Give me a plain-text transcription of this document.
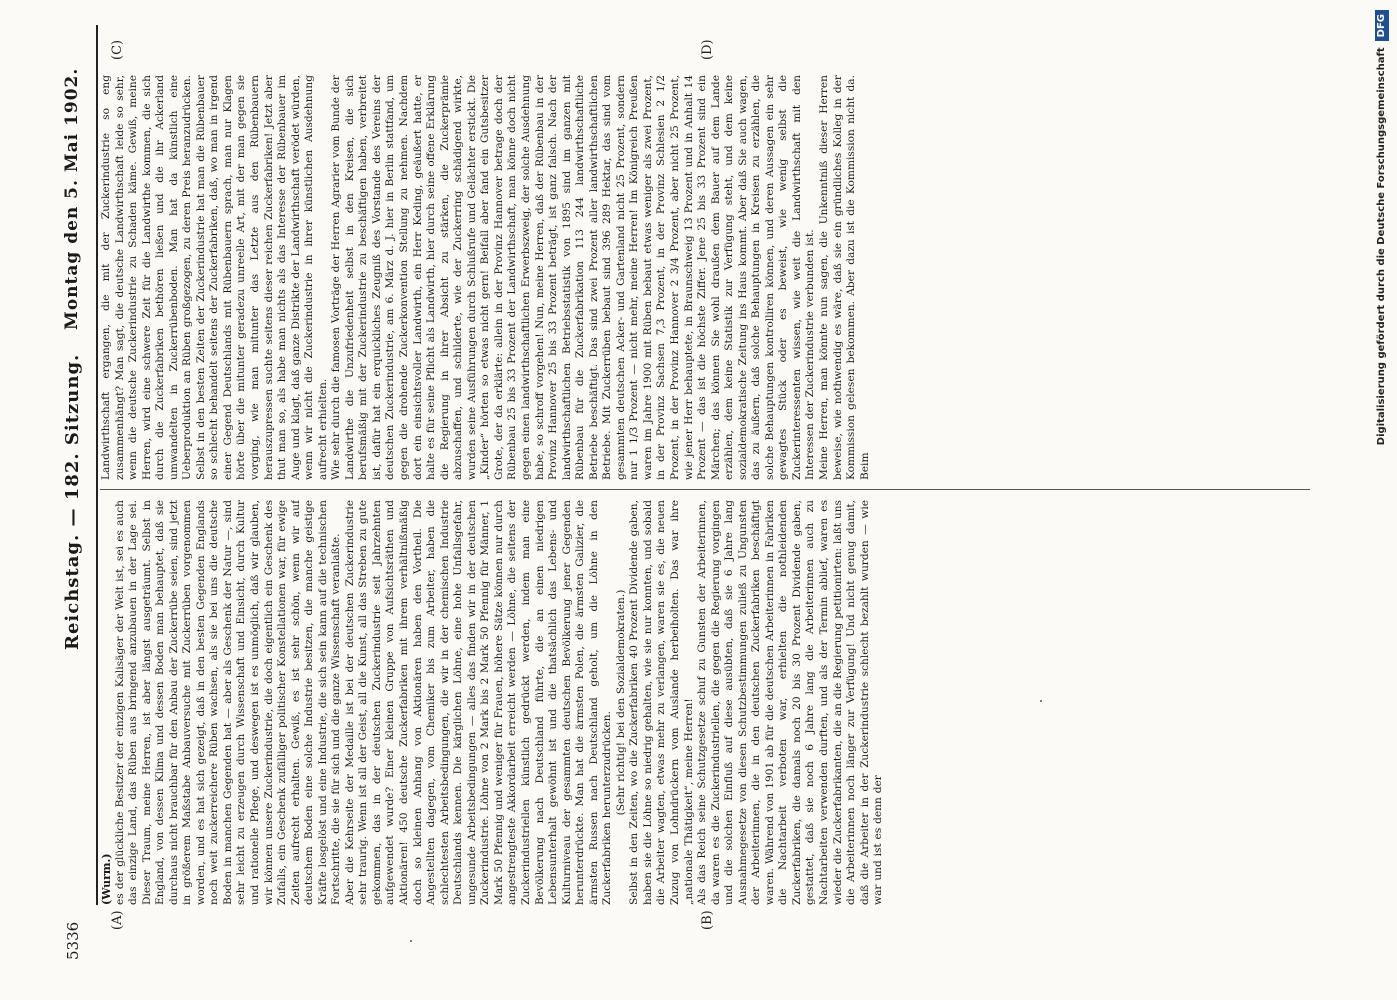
5336
Reichstag. — 182. Sitzung.
Montag den 5. Mai 1902.
(A)	(B)
(C)	(D)

(Wurm.) es der glückliche Besitzer der einzigen Kalisäger der Welt ist, sei es auch das einzige Land, das Rüben aus bringend anzubauen in der Lage sei. Dieser Traum, meine Herren, ist aber längst ausgeträumt. Selbst in England, von dessen Klima und dessen Boden man behauptet, daß sie durchaus nicht brauchbar für den Anbau der Zuckerrübe seien, sind jetzt in größerem Maßstabe Anbauversuche mit Zuckerrüben vorgenommen worden, und es hat sich gezeigt, daß in den besten Gegenden Englands noch weit zuckerreichere Rüben wachsen, als sie bei uns die deutsche Boden in manchen Gegenden hat — aber als Geschenk der Natur —, sind sehr leicht zu erzeugen durch Wissenschaft und Einsicht, durch Kultur und rationelle Pflege, und deswegen ist es unmöglich, daß wir glauben, wir können unsere Zuckerindustrie, die doch eigentlich ein Geschenk des Zufalls, ein Geschenk zufälliger politischer Konstellationen war, für ewige Zeiten aufrecht erhalten. Gewiß, es ist sehr schön, wenn wir auf deutschem Boden eine solche Industrie besitzen, die manche geistige Kräfte losgelöst und eine Industrie, die sich sein kann auf die technischen Fortschritte, die sie für sich und die ganze Wissenschaft veranlaßte. Aber die Kehrseite der Medaille ist bei der deutschen Zuckerindustrie sehr traurig. Wenn ist all der Geist, all die Kunst, all das Streben zu gute gekommen, das in der deutschen Zuckerindustrie seit Jahrzehnten aufgewendet wurde? Einer kleinen Gruppe von Aufsichtsräthen und Aktionären! 450 deutsche Zuckerfabriken mit ihrem verhältnißmäßig doch so kleinen Anhang von Aktionären haben den Vortheil. Die Angestellten dagegen, vom Chemiker bis zum Arbeiter, haben die schlechtesten Arbeitsbedingungen, die wir in der chemischen Industrie Deutschlands kennen. Die kärglichen Löhne, eine hohe Unfallsgefahr, ungesunde Arbeitsbedingungen — alles das finden wir in der deutschen Zuckerindustrie. Löhne von 2 Mark bis 2 Mark 50 Pfennig für Männer, 1 Mark 50 Pfennig und weniger für Frauen, höhere Sätze können nur durch angestrengteste Akkordarbeit erreicht werden — Löhne, die seitens der Zuckerindustriellen künstlich gedrückt werden, indem man eine Bevölkerung nach Deutschland führte, die an einen niedrigen Lebensunterhalt gewöhnt ist und die thatsächlich das Lebens- und Kulturniveau der gesammten deutschen Bevölkerung jener Gegenden herunterdrückte. Man hat die ärmsten Polen, die ärmsten Galizier, die ärmsten Russen nach Deutschland geholt, um die Löhne in den Zuckerfabriken herunterzudrücken. (Sehr richtig! bei den Sozialdemokraten.) Selbst in den Zeiten, wo die Zuckerfabriken 40 Prozent Dividende gaben, haben sie die Löhne so niedrig gehalten, wie sie nur konnten, und sobald die Arbeiter wagten, etwas mehr zu verlangen, waren sie es, die neuen Zuzug von Lohndrückern vom Auslande herbeiholten. Das war ihre „nationale Thätigkeit“, meine Herren! Als das Reich seine Schutzgesetze schuf zu Gunsten der Arbeiterinnen, da waren es die Zuckerindustriellen, die gegen die Regierung vorgingen und die solchen Einfluß auf diese ausübten, daß sie 6 Jahre lang Ausnahmegesetze von diesen Schutzbestimmungen zuließ zu Ungunsten der Arbeiterinnen, die in den deutschen Zuckerfabriken beschäftigt waren. Während von 1901 ab für die deutschen Arbeiterinnen in Fabriken die Nachtarbeit verboten war, erhielten die nothleidenden Zuckerfabriken, die damals noch 20 bis 30 Prozent Dividende gaben, gestattet, daß sie noch 6 Jahre lang die Arbeiterinnen auch zu Nachtarbeiten verwenden durften, und als der Termin ablief, waren es wieder die Zuckerfabrikanten, die an die Regierung petitionirten: laßt uns die Arbeiterinnen noch länger zur Verfügung! Und nicht genug damit, daß die Arbeiter in der Zuckerindustrie schlecht bezahlt wurden — wie war und ist es denn der

Landwirthschaft ergangen, die mit der Zuckerindustrie so eng zusammenhängt? Man sagt, die deutsche Landwirthschaft leide so sehr, wenn die deutsche Zuckerindustrie zu Schaden käme. Gewiß, meine Herren, wird eine schwere Zeit für die Landwirthe kommen, die sich durch die Zuckerfabriken bethören ließen und die ihr Ackerland umwandelten in Zuckerrübenboden. Man hat da künstlich eine Ueberproduktion an Rüben großgezogen, zu deren Preis heranzudrücken. Selbst in den besten Zeiten der Zuckerindustrie hat man die Rübenbauer so schlecht behandelt seitens der Zuckerfabriken, daß, wo man in irgend einer Gegend Deutschlands mit Rübenbauern sprach, man nur Klagen hörte über die mitunter geradezu unreelle Art, mit der man gegen sie vorging, wie man mitunter das Letzte aus den Rübenbauern herauszupressen suchte seitens dieser reichen Zuckerfabriken! Jetzt aber thut man so, als habe man nichts als das Interesse der Rübenbauer im Auge und klagt, daß ganze Distrikte der Landwirthschaft verödet würden, wenn wir nicht die Zuckerindustrie in ihrer künstlichen Ausdehnung aufrecht erhielten. Wie sehr durch die famosen Vorträge der Herren Agrarier vom Bunde der Landwirthe die Unzufriedenheit selbst in den Kreisen, die sich berufsmäßig mit der Zuckerindustrie zu beschäftigen haben, verbreitet ist, dafür hat ein erquickliches Zeugniß des Vorstande des Vereins der deutschen Zuckerindustrie, am 6. März d. J. hier in Berlin stattfand, um gegen die drohende Zuckerkonvention Stellung zu nehmen. Nachdem dort ein einsichtsvoller Landwirth, ein Herr Keding, geäußert hatte, er halte es für seine Pflicht als Landwirth, hier durch seine offene Erklärung die Regierung in ihrer Absicht zu stärken, die Zuckerprämie abzuschaffen, und schilderte, wie der Zuckerring schädigend wirkte, wurden seine Ausführungen durch Schlußrufe und Gelächter erstickt. Die „Kinder“ hörten so etwas nicht gern! Beifall aber fand ein Gutsbesitzer Grote, der da erklärte: allein in der Provinz Hannover betrage doch der Rübenbau 25 bis 33 Prozent der Landwirthschaft, man könne doch nicht gegen einen landwirthschaftlichen Erwerbszweig, der solche Ausdehnung habe, so schroff vorgehen! Nun, meine Herren, daß der Rübenbau in der Provinz Hannover 25 bis 33 Prozent beträgt, ist ganz falsch. Nach der landwirthschaftlichen Betriebsstatistik von 1895 sind im ganzen mit Rübenbau für die Zuckerfabrikation 113 244 landwirthschaftliche Betriebe beschäftigt. Das sind zwei Prozent aller landwirthschaftlichen Betriebe. Mit Zuckerrüben bebaut sind 396 289 Hektar, das sind vom gesammten deutschen Acker- und Gartenland nicht 25 Prozent, sondern nur 1 1/3 Prozent — nicht mehr, meine Herren! Im Königreich Preußen waren im Jahre 1900 mit Rüben bebaut etwas weniger als zwei Prozent, in der Provinz Sachsen 7,3 Prozent, in der Provinz Schlesien 2 1/2 Prozent, in der Provinz Hannover 2 3/4 Prozent, aber nicht 25 Prozent, wie jener Herr behauptete, in Braunschweig 13 Prozent und in Anhalt 14 Prozent — das ist die höchste Ziffer. Jene 25 bis 33 Prozent sind ein Märchen; das können Sie wohl draußen dem Bauer auf dem Lande erzählen, dem keine Statistik zur Verfügung steht, und dem keine sozialdemokratische Zeitung ins Haus kommt. Aber daß Sie auch wagen, das zu äußern, daß solche Behauptungen in Kreisen zu erzählen, die solche Behauptungen kontrolliren können, und deren Aussagen ein sehr gewagtes Stück oder es beweist, wie wenig selbst die Zuckerinteressenten wissen, wie weit die Landwirthschaft mit den Interessen der Zuckerindustrie verbunden ist. Meine Herren, man könnte nun sagen, die Unkenntniß dieser Herren beweise, wie nothwendig es wäre, daß sie ein gründliches Kolleg in der Kommission gelesen bekommen. Aber dazu ist die Kommission nicht da. Beim

Digitalisierung gefördert durch die Deutsche ForschungsgemeinschaftDFG
